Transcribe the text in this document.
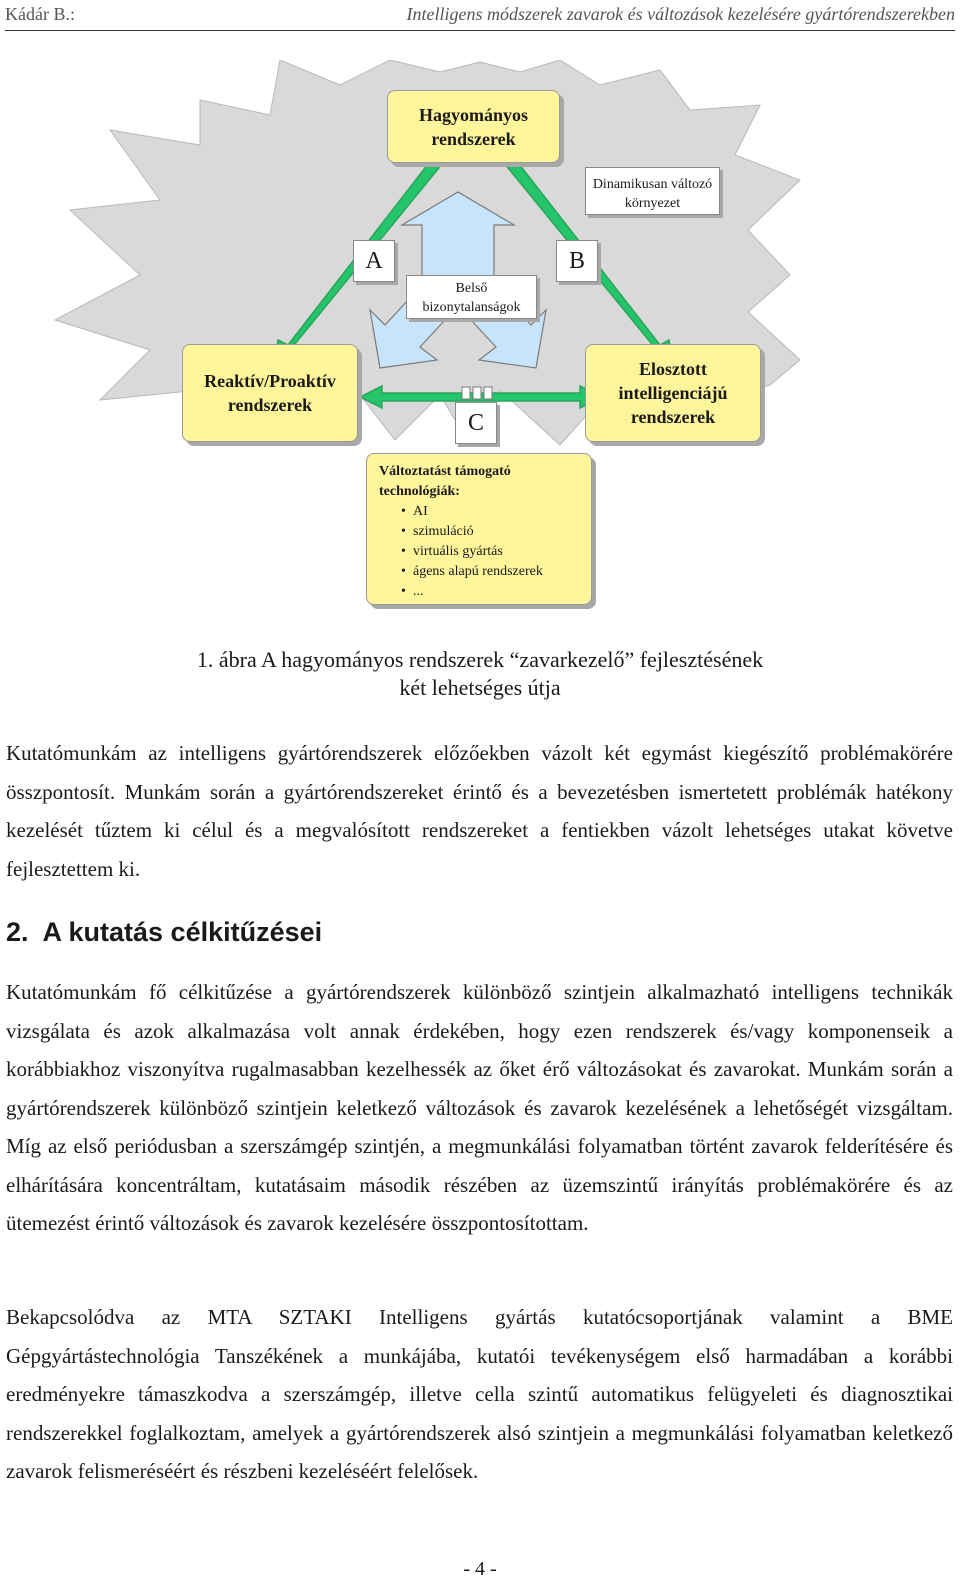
Kádár B.:	Intelligens módszerek zavarok és változások kezelésére gyártórendszerekben
Hagyományos rendszerek
Dinamikusan változó környezet
A	B
Belső bizonytalanságok
Reaktív/Proaktív rendszerek
Elosztott intelligenciájú rendszerek
C
Változtatást támogató technológiák:
• AI
• szimuláció
• virtuális gyártás
• ágens alapú rendszerek
• ...
1. ábra A hagyományos rendszerek “zavarkezelő” fejlesztésének
két lehetséges útja

Kutatómunkám az intelligens gyártórendszerek előzőekben vázolt két egymást kiegészítő problémakörére összpontosít. Munkám során a gyártórendszereket érintő és a bevezetésben ismertetett problémák hatékony kezelését tűztem ki célul és a megvalósított rendszereket a fentiekben vázolt lehetséges utakat követve fejlesztettem ki.

2.  A kutatás célkitűzései

Kutatómunkám fő célkitűzése a gyártórendszerek különböző szintjein alkalmazható intelligens technikák vizsgálata és azok alkalmazása volt annak érdekében, hogy ezen rendszerek és/vagy komponenseik a korábbiakhoz viszonyítva rugalmasabban kezelhessék az őket érő változásokat és zavarokat. Munkám során a gyártórendszerek különböző szintjein keletkező változások és zavarok kezelésének a lehetőségét vizsgáltam. Míg az első periódusban a szerszámgép szintjén, a megmunkálási folyamatban történt zavarok felderítésére és elhárítására koncentráltam, kutatásaim második részében az üzemszintű irányítás problémakörére és az ütemezést érintő változások és zavarok kezelésére összpontosítottam.

Bekapcsolódva az MTA SZTAKI Intelligens gyártás kutatócsoportjának valamint a BME Gépgyártástechnológia Tanszékének a munkájába, kutatói tevékenységem első harmadában a korábbi eredményekre támaszkodva a szerszámgép, illetve cella szintű automatikus felügyeleti és diagnosztikai rendszerekkel foglalkoztam, amelyek a gyártórendszerek alsó szintjein a megmunkálási folyamatban keletkező zavarok felismeréséért és részbeni kezeléséért felelősek.

- 4 -
